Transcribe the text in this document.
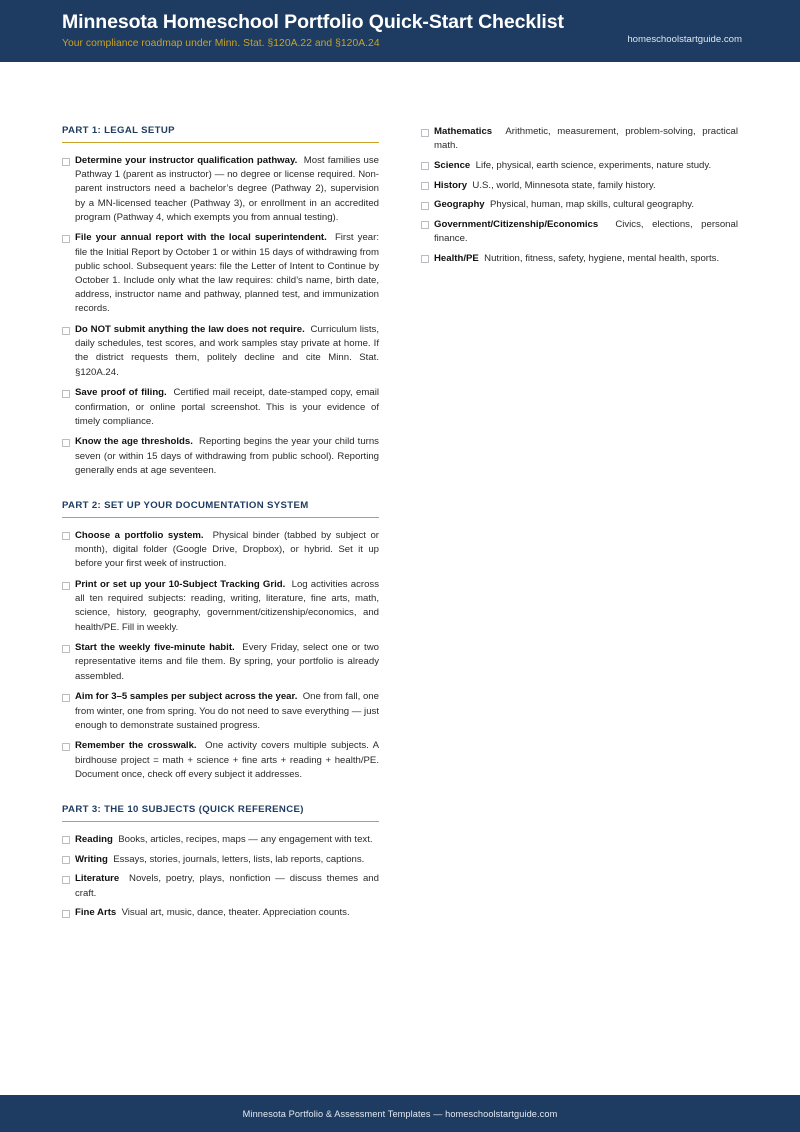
Minnesota Homeschool Portfolio Quick-Start Checklist
Your compliance roadmap under Minn. Stat. §120A.22 and §120A.24	homeschoolstartguide.com
PART 1: LEGAL SETUP
Determine your instructor qualification pathway. Most families use Pathway 1 (parent as instructor) — no degree or license required. Non-parent instructors need a bachelor’s degree (Pathway 2), supervision by a MN-licensed teacher (Pathway 3), or enrollment in an accredited program (Pathway 4, which exempts you from annual testing).
File your annual report with the local superintendent. First year: file the Initial Report by October 1 or within 15 days of withdrawing from public school. Subsequent years: file the Letter of Intent to Continue by October 1. Include only what the law requires: child’s name, birth date, address, instructor name and pathway, planned test, and immunization records.
Do NOT submit anything the law does not require. Curriculum lists, daily schedules, test scores, and work samples stay private at home. If the district requests them, politely decline and cite Minn. Stat. §120A.24.
Save proof of filing. Certified mail receipt, date-stamped copy, email confirmation, or online portal screenshot. This is your evidence of timely compliance.
Know the age thresholds. Reporting begins the year your child turns seven (or within 15 days of withdrawing from public school). Reporting generally ends at age seventeen.
PART 2: SET UP YOUR DOCUMENTATION SYSTEM
Choose a portfolio system. Physical binder (tabbed by subject or month), digital folder (Google Drive, Dropbox), or hybrid. Set it up before your first week of instruction.
Print or set up your 10-Subject Tracking Grid. Log activities across all ten required subjects: reading, writing, literature, fine arts, math, science, history, geography, government/citizenship/economics, and health/PE. Fill in weekly.
Start the weekly five-minute habit. Every Friday, select one or two representative items and file them. By spring, your portfolio is already assembled.
Aim for 3–5 samples per subject across the year. One from fall, one from winter, one from spring. You do not need to save everything — just enough to demonstrate sustained progress.
Remember the crosswalk. One activity covers multiple subjects. A birdhouse project = math + science + fine arts + reading + health/PE. Document once, check off every subject it addresses.
PART 3: THE 10 SUBJECTS (QUICK REFERENCE)
Reading Books, articles, recipes, maps — any engagement with text.
Writing Essays, stories, journals, letters, lists, lab reports, captions.
Literature Novels, poetry, plays, nonfiction — discuss themes and craft.
Fine Arts Visual art, music, dance, theater. Appreciation counts.
Mathematics Arithmetic, measurement, problem-solving, practical math.
Science Life, physical, earth science, experiments, nature study.
History U.S., world, Minnesota state, family history.
Geography Physical, human, map skills, cultural geography.
Government/Citizenship/Economics Civics, elections, personal finance.
Health/PE Nutrition, fitness, safety, hygiene, mental health, sports.
Minnesota Portfolio & Assessment Templates — homeschoolstartguide.com
